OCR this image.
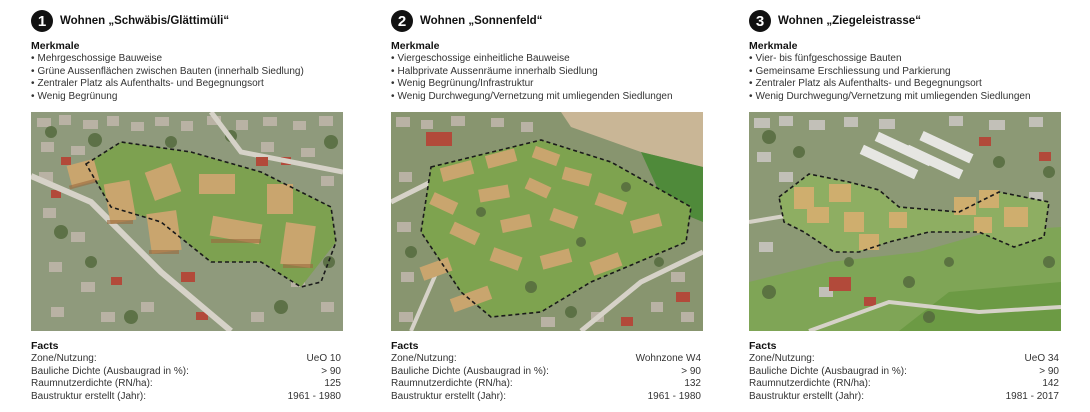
1	Wohnen „Schwäbis/Glättimüli“
Merkmale
• Mehrgeschossige Bauweise
• Grüne Aussenflächen zwischen Bauten (innerhalb Siedlung)
• Zentraler Platz als Aufenthalts- und Begegnungsort
• Wenig Begrünung
Facts
Zone/Nutzung:	UeO 10
Bauliche Dichte (Ausbaugrad in %):	> 90
Raumnutzerdichte (RN/ha):	125
Baustruktur erstellt (Jahr):	1961 - 1980
2	Wohnen „Sonnenfeld“
Merkmale
• Viergeschossige einheitliche Bauweise
• Halbprivate Aussenräume innerhalb Siedlung
• Wenig Begrünung/Infrastruktur
• Wenig Durchwegung/Vernetzung mit umliegenden Siedlungen
Facts
Zone/Nutzung:	Wohnzone W4
Bauliche Dichte (Ausbaugrad in %):	> 90
Raumnutzerdichte (RN/ha):	132
Baustruktur erstellt (Jahr):	1961 - 1980
3	Wohnen „Ziegeleistrasse“
Merkmale
• Vier- bis fünfgeschossige Bauten
• Gemeinsame Erschliessung und Parkierung
• Zentraler Platz als Aufenthalts- und Begegnungsort
• Wenig Durchwegung/Vernetzung mit umliegenden Siedlungen
Facts
Zone/Nutzung:	UeO 34
Bauliche Dichte (Ausbaugrad in %):	> 90
Raumnutzerdichte (RN/ha):	142
Baustruktur erstellt (Jahr):	1981 - 2017
